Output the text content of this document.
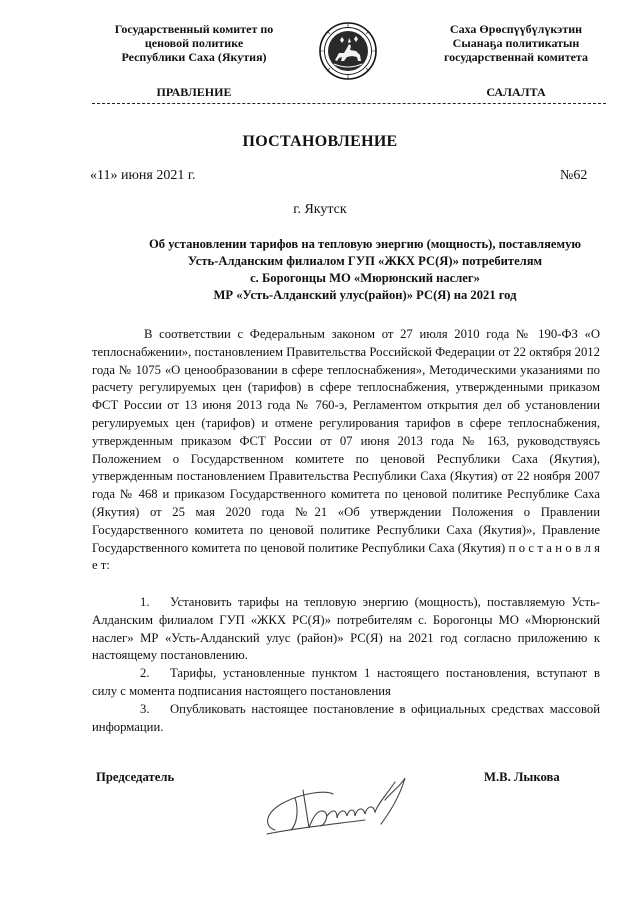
Государственный комитет по
ценовой политике
Республики Саха (Якутия)
ПРАВЛЕНИЕ
Саха Өрөспүүбүлүкэтин
Сыанаҕа политикатын
государственнай комитета
САЛАЛТА
ПОСТАНОВЛЕНИЕ
«11» июня 2021 г.	№62
г. Якутск
Об установлении тарифов на тепловую энергию (мощность), поставляемую
Усть-Алданским филиалом ГУП «ЖКХ РС(Я)» потребителям
с. Борогонцы МО «Мюрюнский наслег»
МР «Усть-Алданский улус(район)» РС(Я) на 2021 год

В соответствии с Федеральным законом от 27 июля 2010 года № 190-ФЗ «О теплоснабжении», постановлением Правительства Российской Федерации от 22 октября 2012 года № 1075 «О ценообразовании в сфере теплоснабжения», Методическими указаниями по расчету регулируемых цен (тарифов) в сфере теплоснабжения, утвержденными приказом ФСТ России от 13 июня 2013 года № 760-э, Регламентом открытия дел об установлении регулируемых цен (тарифов) и отмене регулирования тарифов в сфере теплоснабжения, утвержденным приказом ФСТ России от 07 июня 2013 года № 163, руководствуясь Положением о Государственном комитете по ценовой Республики Саха (Якутия), утвержденным постановлением Правительства Республики Саха (Якутия) от 22 ноября 2007 года № 468 и приказом Государственного комитета по ценовой политике Республике Саха (Якутия) от 25 мая 2020 года №21 «Об утверждении Положения о Правлении Государственного комитета по ценовой политике Республики Саха (Якутия)», Правление Государственного комитета по ценовой политике Республики Саха (Якутия) п о с т а н о в л я е т:

1. Установить тарифы на тепловую энергию (мощность), поставляемую Усть-Алданским филиалом ГУП «ЖКХ РС(Я)» потребителям с. Борогонцы МО «Мюрюнский наслег» МР «Усть-Алданский улус (район)» РС(Я) на 2021 год согласно приложению к настоящему постановлению.

2. Тарифы, установленные пунктом 1 настоящего постановления, вступают в силу с момента подписания настоящего постановления

3. Опубликовать настоящее постановление в официальных средствах массовой информации.

Председатель	М.В. Лыкова
